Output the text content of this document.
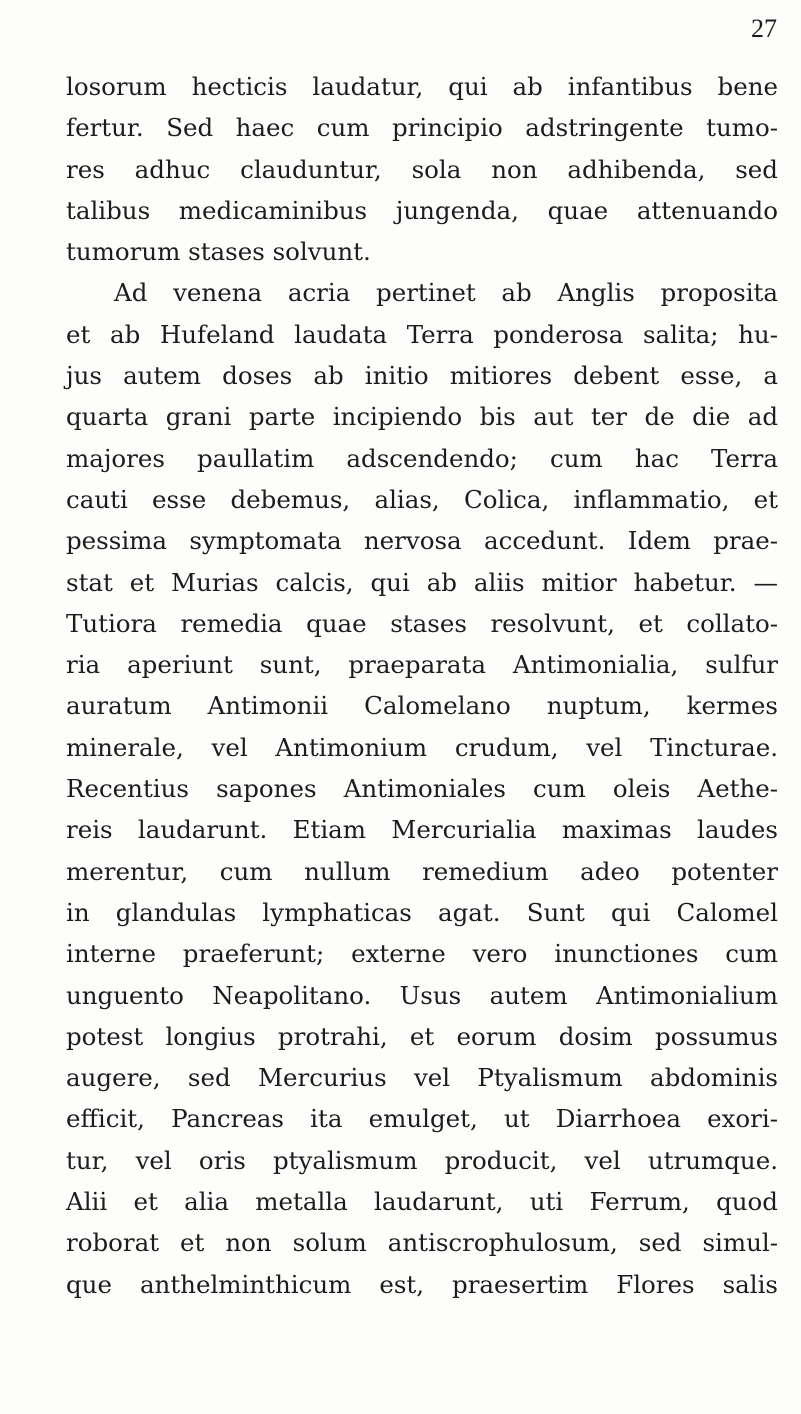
27
losorum hecticis laudatur, qui ab infantibus bene
fertur. Sed haec cum principio adstringente tumo-
res adhuc clauduntur, sola non adhibenda, sed
talibus medicaminibus jungenda, quae attenuando
tumorum stases solvunt.
Ad venena acria pertinet ab Anglis proposita
et ab Hufeland laudata Terra ponderosa salita; hu-
jus autem doses ab initio mitiores debent esse, a
quarta grani parte incipiendo bis aut ter de die ad
majores paullatim adscendendo; cum hac Terra
cauti esse debemus, alias, Colica, inflammatio, et
pessima symptomata nervosa accedunt. Idem prae-
stat et Murias calcis, qui ab aliis mitior habetur. —
Tutiora remedia quae stases resolvunt, et collato-
ria aperiunt sunt, praeparata Antimonialia, sulfur
auratum Antimonii Calomelano nuptum, kermes
minerale, vel Antimonium crudum, vel Tincturae.
Recentius sapones Antimoniales cum oleis Aethe-
reis laudarunt. Etiam Mercurialia maximas laudes
merentur, cum nullum remedium adeo potenter
in glandulas lymphaticas agat. Sunt qui Calomel
interne praeferunt; externe vero inunctiones cum
unguento Neapolitano. Usus autem Antimonialium
potest longius protrahi, et eorum dosim possumus
augere, sed Mercurius vel Ptyalismum abdominis
efficit, Pancreas ita emulget, ut Diarrhoea exori-
tur, vel oris ptyalismum producit, vel utrumque.
Alii et alia metalla laudarunt, uti Ferrum, quod
roborat et non solum antiscrophulosum, sed simul-
que anthelminthicum est, praesertim Flores salis
